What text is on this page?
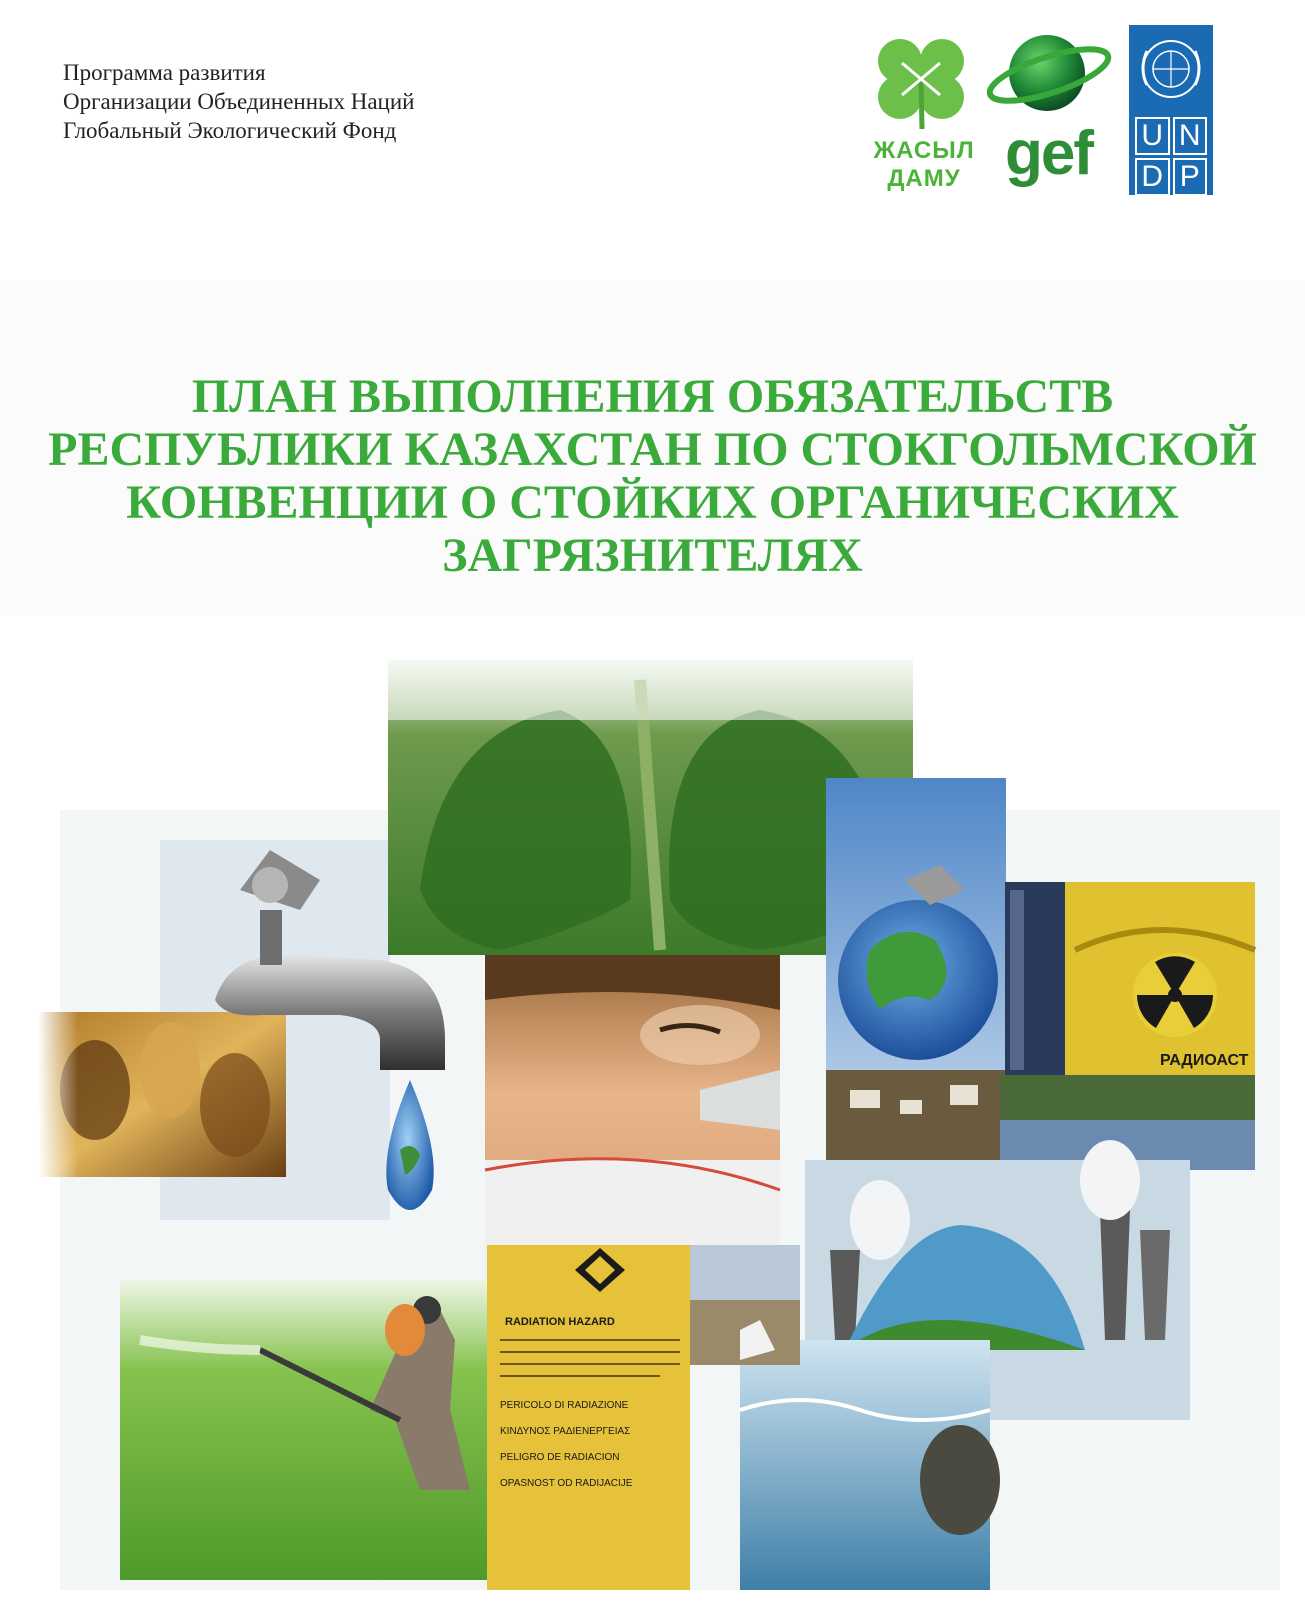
Программа развития
Организации Объединенных Наций
Глобальный Экологический Фонд
ЖАСЫЛ
ДАМУ gef U N
D P
ПЛАН ВЫПОЛНЕНИЯ ОБЯЗАТЕЛЬСТВ
РЕСПУБЛИКИ КАЗАХСТАН ПО СТОКГОЛЬМСКОЙ
КОНВЕНЦИИ О СТОЙКИХ ОРГАНИЧЕСКИХ
ЗАГРЯЗНИТЕЛЯХ
РАДИОАСТ
RADIATION HAZARD
PERICOLO DI RADIAZIONE
ΚΙΝΔΥΝΟΣ ΡΑΔΙΕΝΕΡΓΕΙΑΣ
PELIGRO DE RADIACION
OPASNOST OD RADIJACIJE
